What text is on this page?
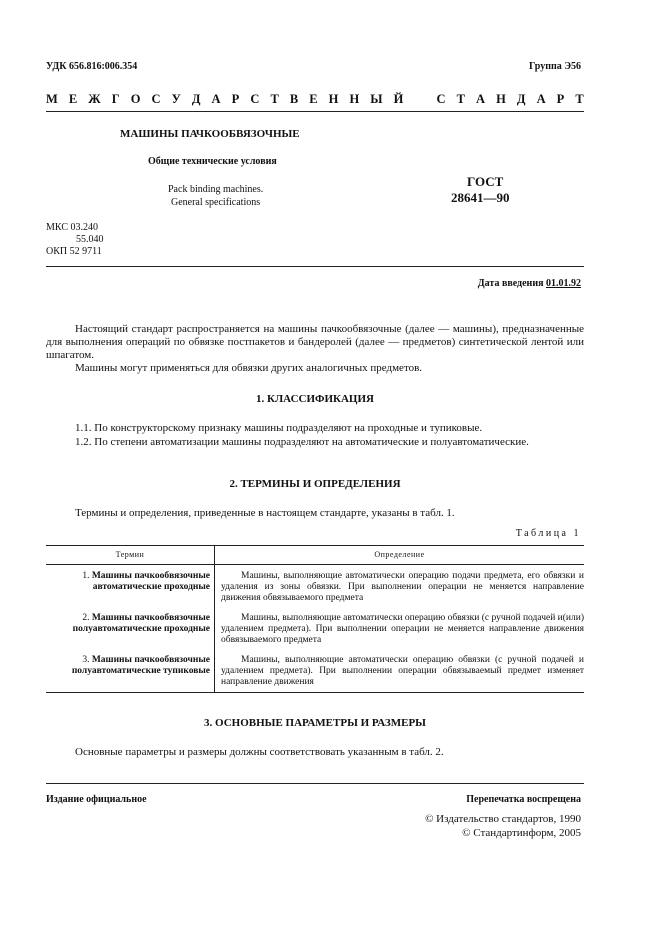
УДК 656.816:006.354	Группа Э56
М Е Ж Г О С У Д А Р С Т В Е Н Н Ы Й	С Т А Н Д А Р Т
МАШИНЫ ПАЧКООБВЯЗОЧНЫЕ
Общие технические условия
Pack binding machines.
General specifications
ГОСТ
28641—90
МКС 03.240
55.040
ОКП 52 9711
Дата введения 01.01.92
Настоящий стандарт распространяется на машины пачкообвязочные (далее — машины), предназначенные для выполнения операций по обвязке постпакетов и бандеролей (далее — предметов) синтетической лентой или шпагатом.
Машины могут применяться для обвязки других аналогичных предметов.
1. КЛАССИФИКАЦИЯ
1.1. По конструкторскому признаку машины подразделяют на проходные и тупиковые.
1.2. По степени автоматизации машины подразделяют на автоматические и полуавтоматические.
2. ТЕРМИНЫ И ОПРЕДЕЛЕНИЯ
Термины и определения, приведенные в настоящем стандарте, указаны в табл. 1.
Таблица 1
Термин	Определение
1. Машины пачкообвязочные автоматические проходные	Машины, выполняющие автоматически операцию подачи предмета, его обвязки и удаления из зоны обвязки. При выполнении операции не меняется направление движения обвязываемого предмета
2. Машины пачкообвязочные полуавтоматические проходные	Машины, выполняющие автоматически операцию обвязки (с ручной подачей и(или) удалением предмета). При выполнении операции не меняется направление движения обвязываемого предмета
3. Машины пачкообвязочные полуавтоматические тупиковые	Машины, выполняющие автоматически операцию обвязки (с ручной подачей и удалением предмета). При выполнении операции обвязываемый предмет изменяет направление движения
3. ОСНОВНЫЕ ПАРАМЕТРЫ И РАЗМЕРЫ
Основные параметры и размеры должны соответствовать указанным в табл. 2.
Издание официальное	Перепечатка воспрещена
© Издательство стандартов, 1990
© Стандартинформ, 2005
